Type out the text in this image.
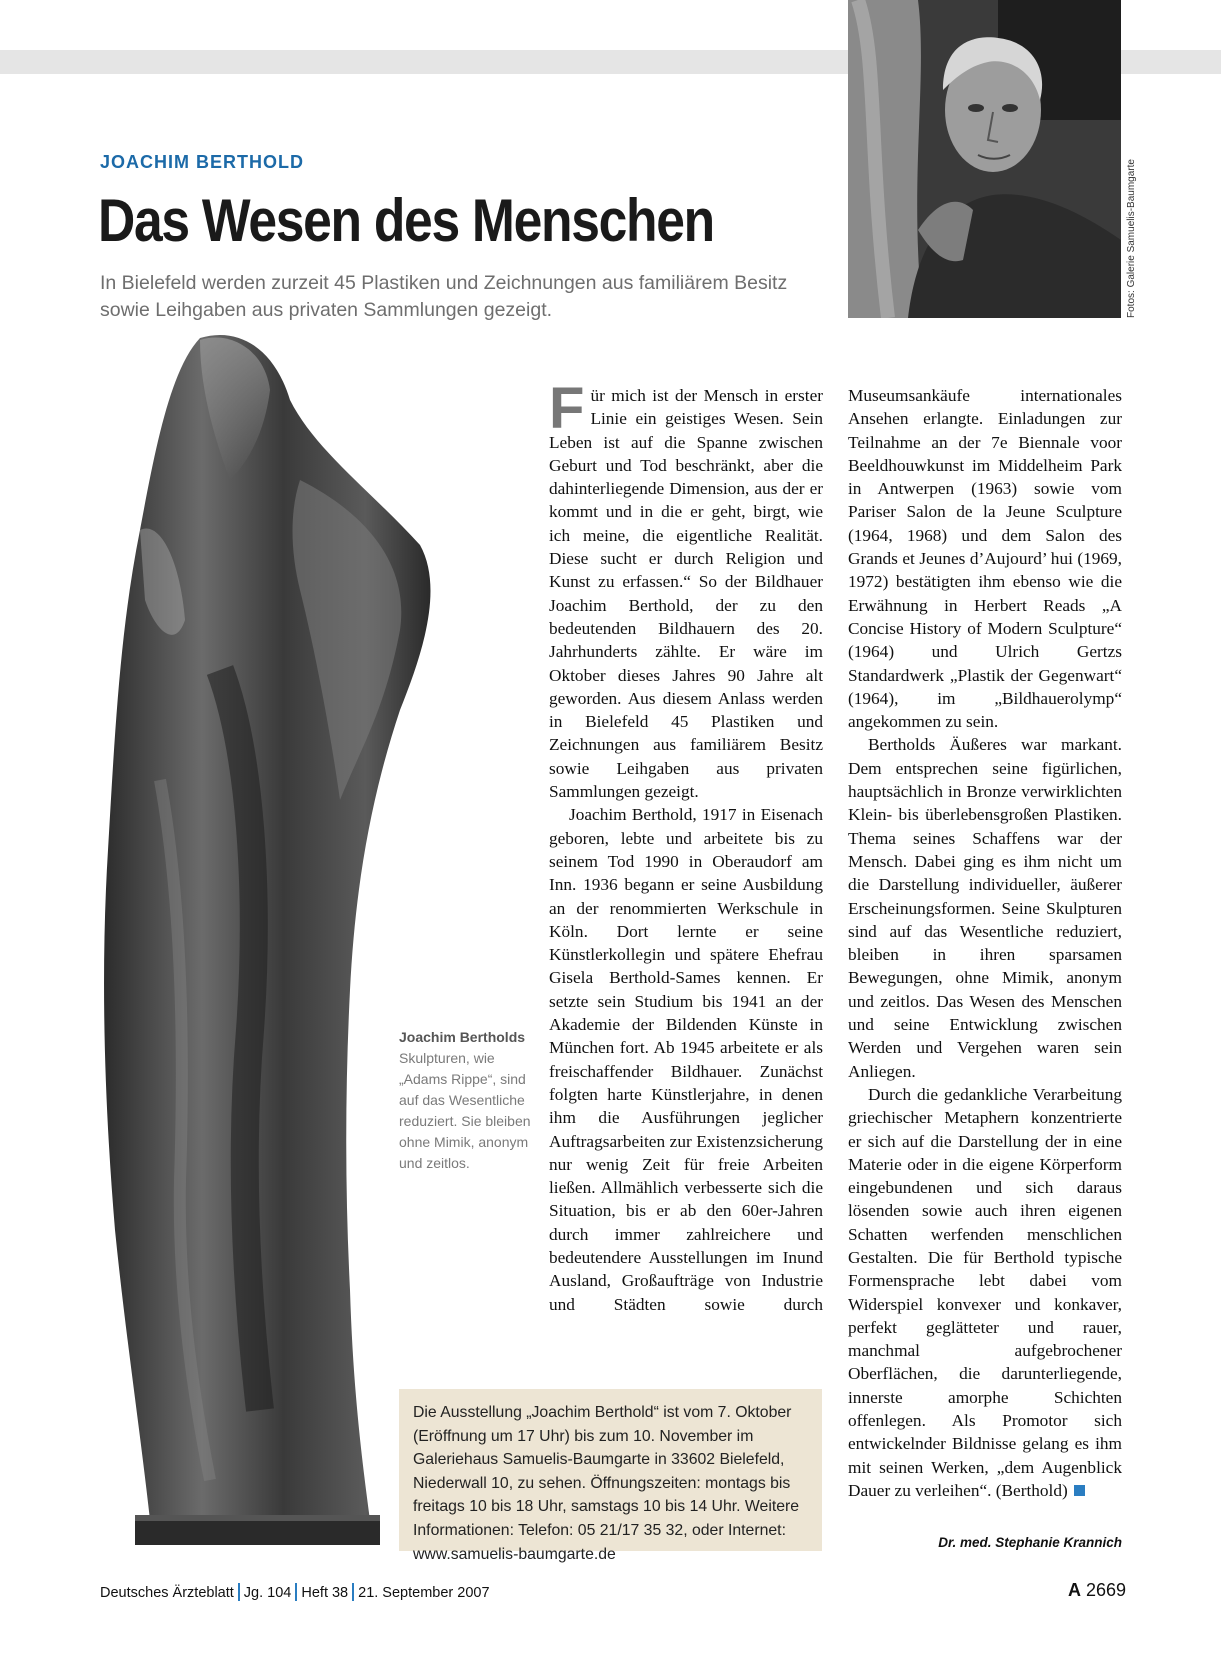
Fotos: Galerie Samuelis-Baumgarte
JOACHIM BERTHOLD
Das Wesen des Menschen
In Bielefeld werden zurzeit 45 Plastiken und Zeichnungen aus familiärem Besitz sowie Leihgaben aus privaten Sammlungen gezeigt.
Joachim Bertholds
Skulpturen, wie „Adams Rippe“, sind auf das Wesentliche reduziert. Sie bleiben ohne Mimik, anonym und zeitlos.

Für mich ist der Mensch in erster Linie ein geistiges Wesen. Sein Leben ist auf die Spanne zwischen Geburt und Tod beschränkt, aber die dahinterliegende Dimension, aus der er kommt und in die er geht, birgt, wie ich meine, die eigentliche Realität. Diese sucht er durch Religion und Kunst zu erfassen.“ So der Bildhauer Joachim Berthold, der zu den bedeutenden Bildhauern des 20. Jahrhunderts zählte. Er wäre im Oktober dieses Jahres 90 Jahre alt geworden. Aus diesem Anlass werden in Bielefeld 45 Plastiken und Zeichnungen aus familiärem Besitz sowie Leihgaben aus privaten Sammlungen gezeigt.

Joachim Berthold, 1917 in Eisenach geboren, lebte und arbeitete bis zu seinem Tod 1990 in Oberaudorf am Inn. 1936 begann er seine Ausbildung an der renommierten Werkschule in Köln. Dort lernte er seine Künstlerkollegin und spätere Ehefrau Gisela Berthold-Sames kennen. Er setzte sein Studium bis 1941 an der Akademie der Bildenden Künste in München fort. Ab 1945 arbeitete er als freischaffender Bildhauer. Zunächst folgten harte Künstlerjahre, in denen ihm die Ausführungen jeglicher Auftragsarbeiten zur Existenzsicherung nur wenig Zeit für freie Arbeiten ließen. Allmählich verbesserte sich die Situation, bis er ab den 60er-Jahren durch immer zahlreichere und bedeutendere Ausstellungen im Inund Ausland, Großaufträge von Industrie und Städten sowie durch

Museumsankäufe internationales Ansehen erlangte. Einladungen zur Teilnahme an der 7e Biennale voor Beeldhouwkunst im Middelheim Park in Antwerpen (1963) sowie vom Pariser Salon de la Jeune Sculpture (1964, 1968) und dem Salon des Grands et Jeunes d’Aujourd’ hui (1969, 1972) bestätigten ihm ebenso wie die Erwähnung in Herbert Reads „A Concise History of Modern Sculpture“ (1964) und Ulrich Gertzs Standardwerk „Plastik der Gegenwart“ (1964), im „Bildhauerolymp“ angekommen zu sein.

Bertholds Äußeres war markant. Dem entsprechen seine figürlichen, hauptsächlich in Bronze verwirklichten Klein- bis überlebensgroßen Plastiken. Thema seines Schaffens war der Mensch. Dabei ging es ihm nicht um die Darstellung individueller, äußerer Erscheinungsformen. Seine Skulpturen sind auf das Wesentliche reduziert, bleiben in ihren sparsamen Bewegungen, ohne Mimik, anonym und zeitlos. Das Wesen des Menschen und seine Entwicklung zwischen Werden und Vergehen waren sein Anliegen.

Durch die gedankliche Verarbeitung griechischer Metaphern konzentrierte er sich auf die Darstellung der in eine Materie oder in die eigene Körperform eingebundenen und sich daraus lösenden sowie auch ihren eigenen Schatten werfenden menschlichen Gestalten. Die für Berthold typische Formensprache lebt dabei vom Widerspiel konvexer und konkaver, perfekt geglätteter und rauer, manchmal aufgebrochener Oberflächen, die darunterliegende, innerste amorphe Schichten offenlegen. Als Promotor sich entwickelnder Bildnisse gelang es ihm mit seinen Werken, „dem Augenblick Dauer zu verleihen“. (Berthold)

Die Ausstellung „Joachim Berthold“ ist vom 7. Oktober (Eröffnung um 17 Uhr) bis zum 10. November im Galeriehaus Samuelis-Baumgarte in 33602 Bielefeld, Niederwall 10, zu sehen. Öffnungszeiten: montags bis freitags 10 bis 18 Uhr, samstags 10 bis 14 Uhr. Weitere Informationen: Telefon: 05 21/17 35 32, oder Internet: www.samuelis-baumgarte.de
Dr. med. Stephanie Krannich
Deutsches Ärzteblatt Jg. 104 Heft 38 21. September 2007	A 2669
